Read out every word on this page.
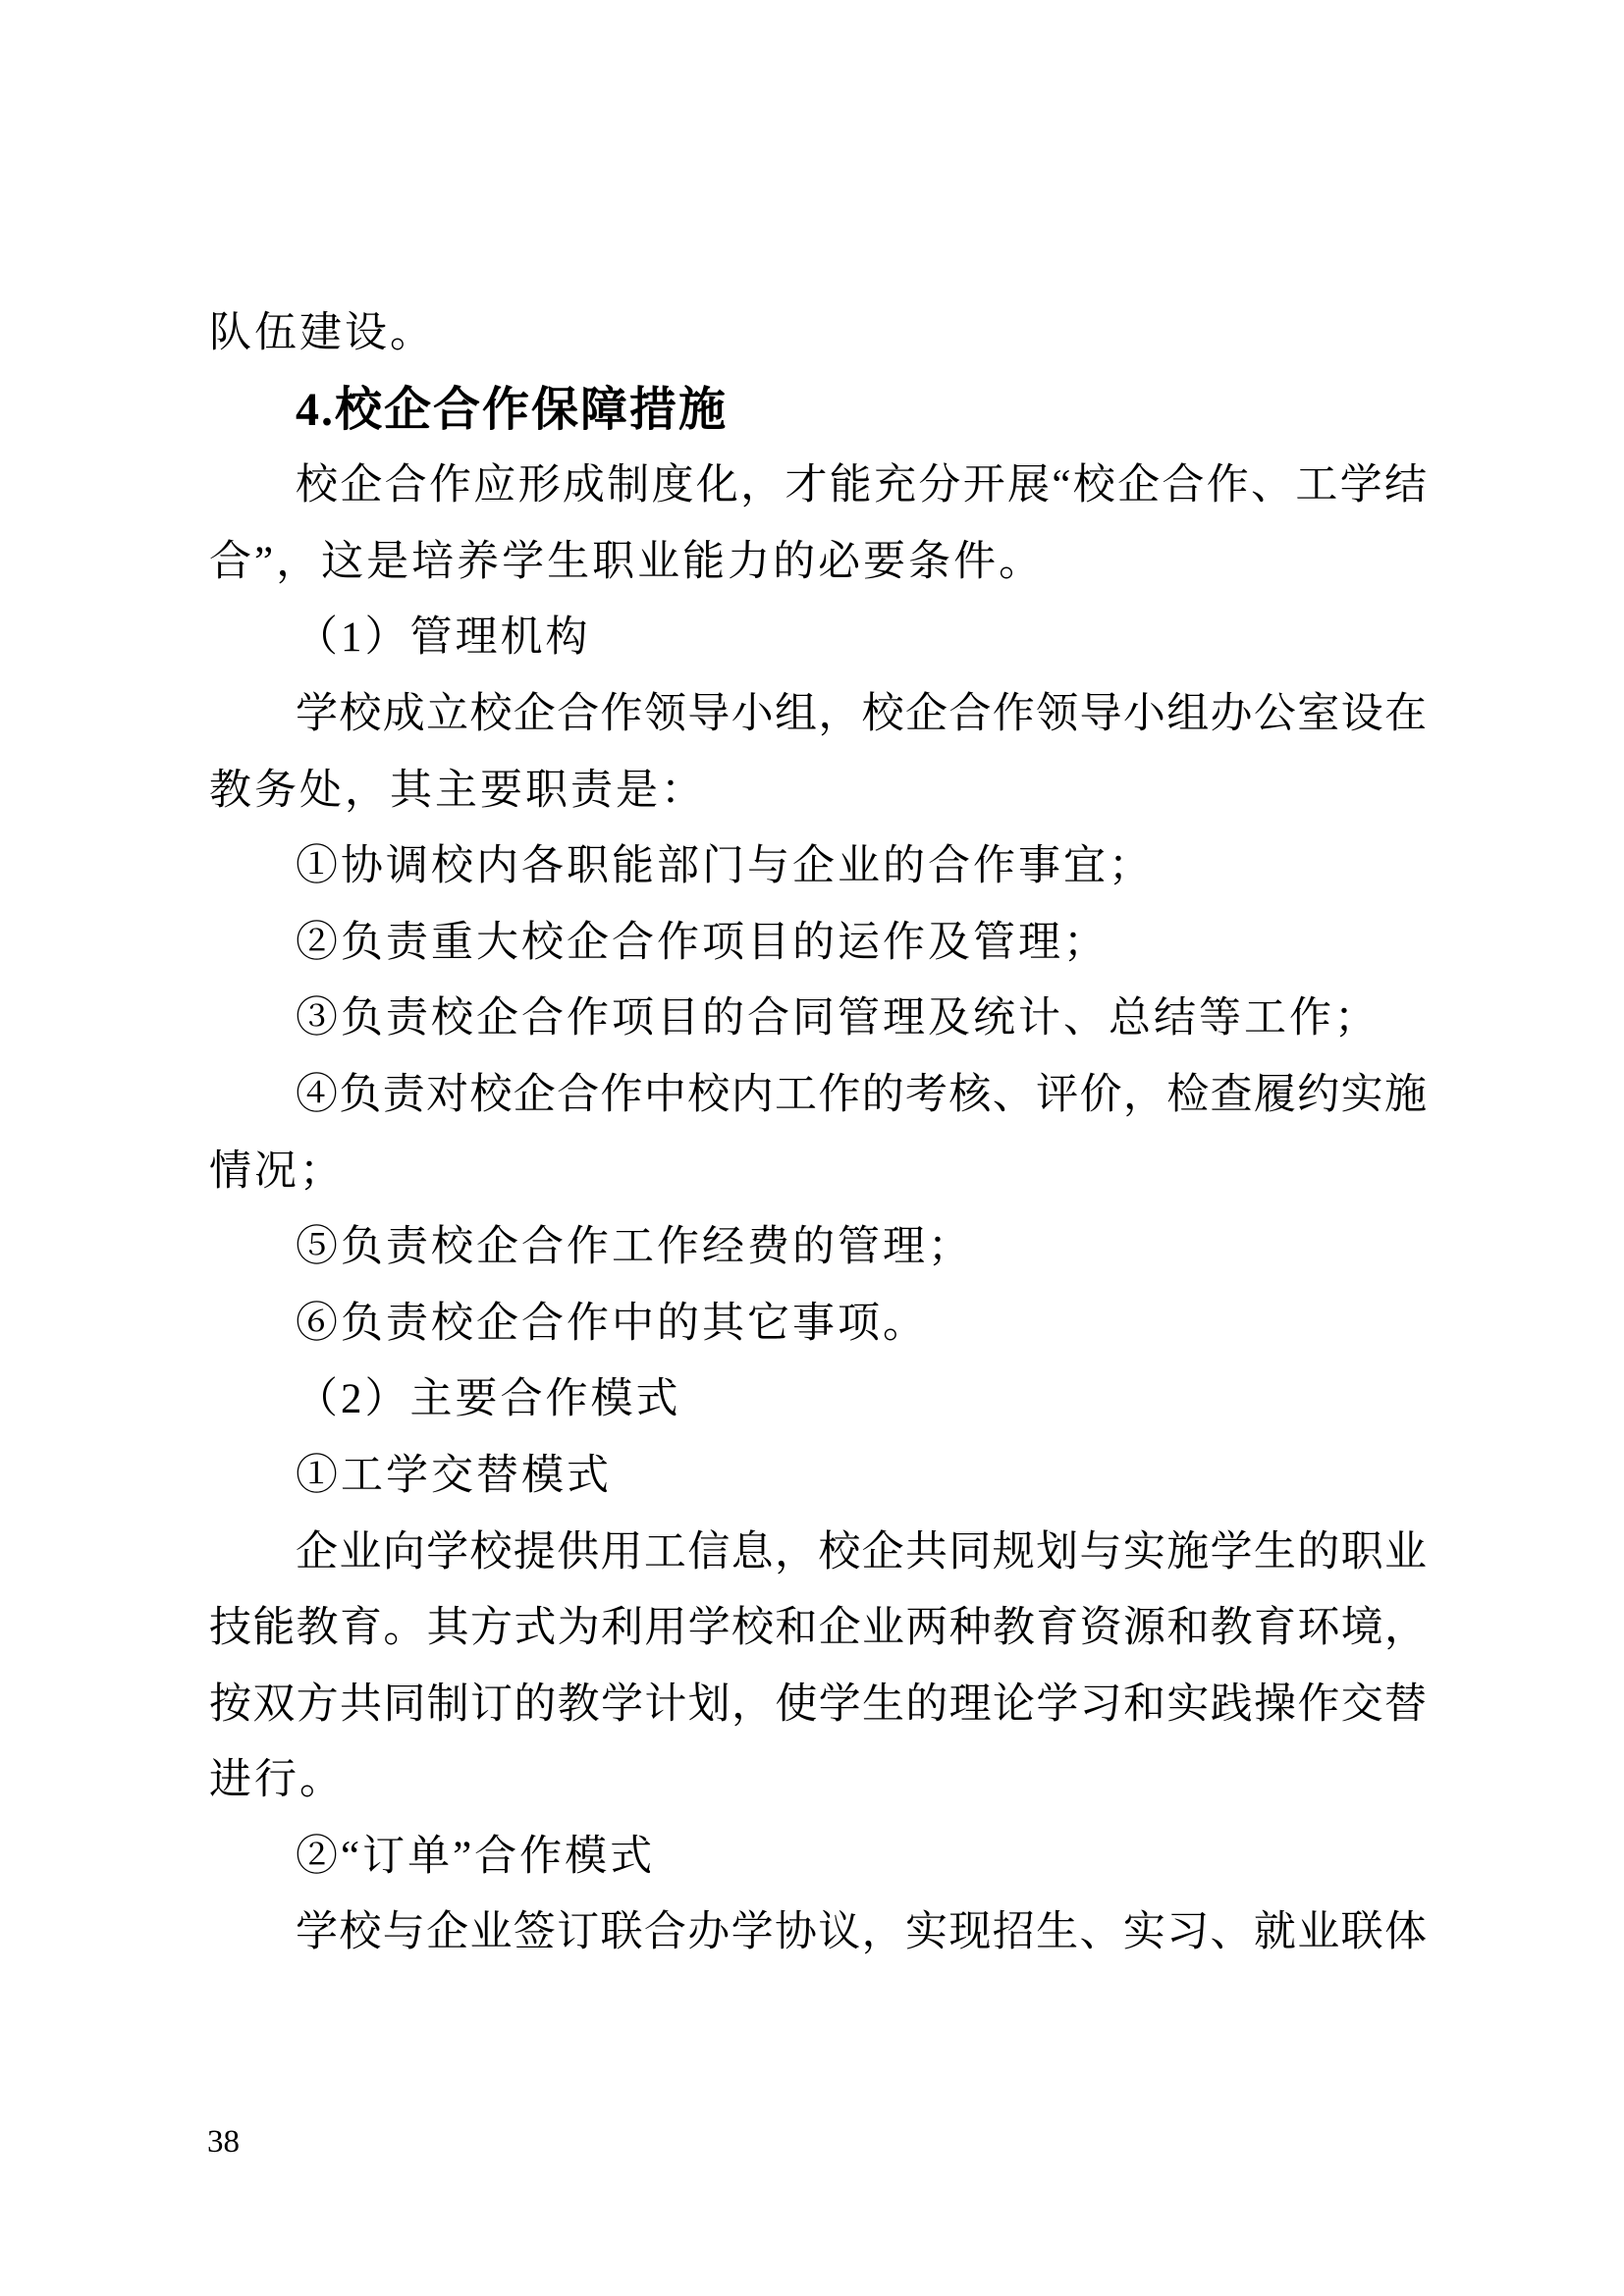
队伍建设。
4.校企合作保障措施
校企合作应形成制度化，才能充分开展“校企合作、工学结
合”，这是培养学生职业能力的必要条件。
（1）管理机构
学校成立校企合作领导小组，校企合作领导小组办公室设在
教务处，其主要职责是：
①协调校内各职能部门与企业的合作事宜；
②负责重大校企合作项目的运作及管理；
③负责校企合作项目的合同管理及统计、总结等工作；
④负责对校企合作中校内工作的考核、评价，检查履约实施
情况；
⑤负责校企合作工作经费的管理；
⑥负责校企合作中的其它事项。
（2）主要合作模式
①工学交替模式
企业向学校提供用工信息，校企共同规划与实施学生的职业
技能教育。其方式为利用学校和企业两种教育资源和教育环境，
按双方共同制订的教学计划，使学生的理论学习和实践操作交替
进行。
②“订单”合作模式
学校与企业签订联合办学协议，实现招生、实习、就业联体
38
